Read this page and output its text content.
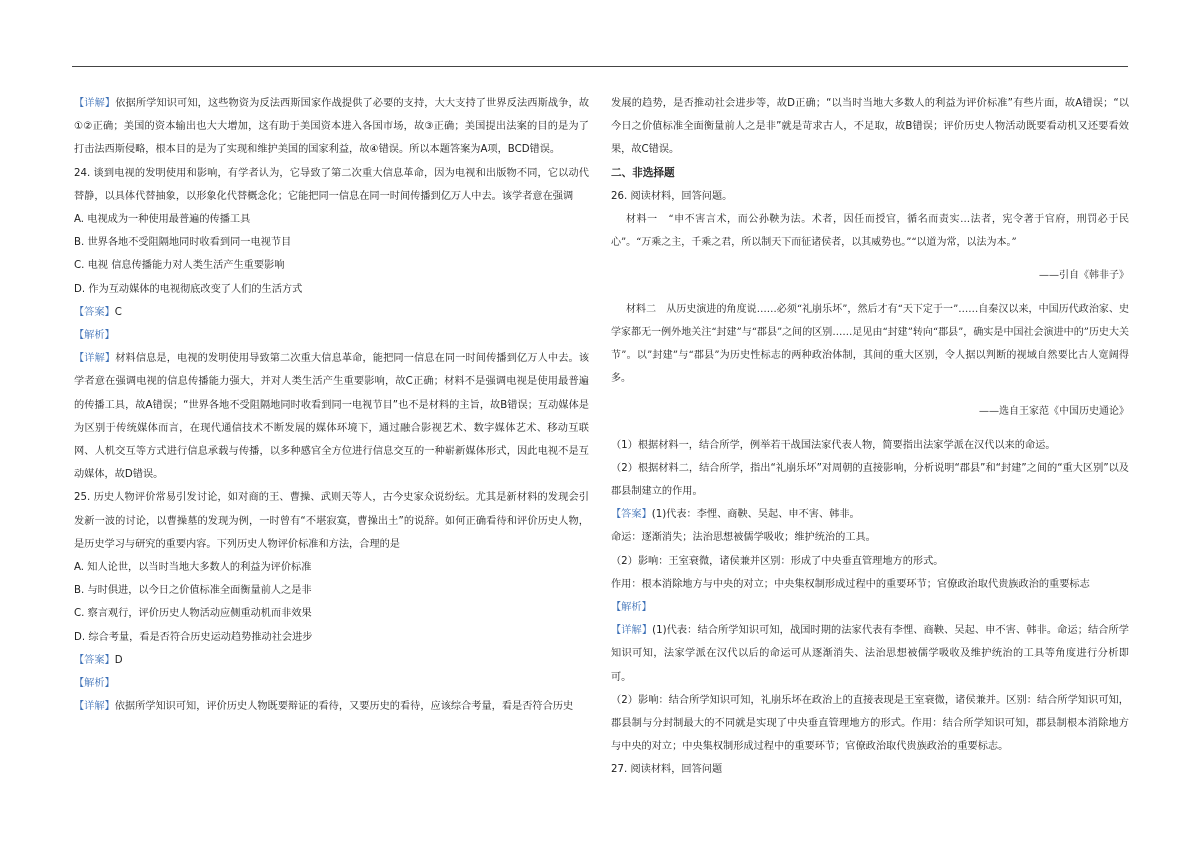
【详解】依据所学知识可知，这些物资为反法西斯国家作战提供了必要的支持，大大支持了世界反法西斯战争，故①②正确；美国的资本输出也大大增加，这有助于美国资本进入各国市场，故③正确；美国提出法案的目的是为了打击法西斯侵略，根本目的是为了实现和维护美国的国家利益，故④错误。所以本题答案为A项，BCD错误。

24. 谈到电视的发明使用和影响，有学者认为，它导致了第二次重大信息革命，因为电视和出版物不同，它以动代替静，以具体代替抽象，以形象化代替概念化；它能把同一信息在同一时间传播到亿万人中去。该学者意在强调

A. 电视成为一种使用最普遍的传播工具

B. 世界各地不受阻隔地同时收看到同一电视节目

C. 电视 信息传播能力对人类生活产生重要影响

D. 作为互动媒体的电视彻底改变了人们的生活方式

【答案】C

【解析】

【详解】材料信息是，电视的发明使用导致第二次重大信息革命，能把同一信息在同一时间传播到亿万人中去。该学者意在强调电视的信息传播能力强大，并对人类生活产生重要影响，故C正确；材料不是强调电视是使用最普遍的传播工具，故A错误；“世界各地不受阻隔地同时收看到同一电视节目”也不是材料的主旨，故B错误；互动媒体是为区别于传统媒体而言，在现代通信技术不断发展的媒体环境下，通过融合影视艺术、数字媒体艺术、移动互联网、人机交互等方式进行信息承载与传播，以多种感官全方位进行信息交互的一种崭新媒体形式，因此电视不是互动媒体，故D错误。

25. 历史人物评价常易引发讨论，如对商的王、曹操、武则天等人，古今史家众说纷纭。尤其是新材料的发现会引发新一波的讨论，以曹操墓的发现为例，一时曾有“不堪寂寞，曹操出土”的说辞。如何正确看待和评价历史人物，是历史学习与研究的重要内容。下列历史人物评价标准和方法，合理的是

A. 知人论世，以当时当地大多数人的利益为评价标准

B. 与时俱进，以今日之价值标准全面衡量前人之是非

C. 察言观行，评价历史人物活动应侧重动机而非效果

D. 综合考量，看是否符合历史运动趋势推动社会进步

【答案】D

【解析】

【详解】依据所学知识可知，评价历史人物既要辩证的看待，又要历史的看待，应该综合考量，看是否符合历史

发展的趋势，是否推动社会进步等，故D正确；“以当时当地大多数人的利益为评价标准”有些片面，故A错误；“以今日之价值标准全面衡量前人之是非”就是苛求古人，不足取，故B错误；评价历史人物活动既要看动机又还要看效果，故C错误。

二、非选择题

26. 阅读材料，回答问题。

材料一　“申不害言术，而公孙鞅为法。术者，因任而授官，循名而责实…法者，宪令著于官府，刑罚必于民心”。“万乘之主，千乘之君，所以制天下而征诸侯者，以其威势也。”“以道为常，以法为本。”

——引自《韩非子》

材料二　从历史演进的角度说……必须“礼崩乐坏”，然后才有“天下定于一”……自秦汉以来，中国历代政治家、史学家都无一例外地关注“封建”与“郡县”之间的区别……足见由“封建”转向“郡县”，确实是中国社会演进中的”历史大关节”。以”封建”与“郡县”为历史性标志的两种政治体制，其间的重大区别，令人据以判断的视域自然要比古人宽阔得多。

——选自王家范《中国历史通论》

（1）根据材料一，结合所学，例举若干战国法家代表人物，简要指出法家学派在汉代以来的命运。

（2）根据材料二，结合所学，指出“礼崩乐坏”对周朝的直接影响，分析说明“郡县”和“封建”之间的“重大区别”以及郡县制建立的作用。

【答案】(1)代表：李悝、商鞅、吴起、申不害、韩非。

命运：逐渐消失；法治思想被儒学吸收；维护统治的工具。

（2）影响：王室衰微，诸侯兼并区别：形成了中央垂直管理地方的形式。

作用：根本消除地方与中央的对立；中央集权制形成过程中的重要环节；官僚政治取代贵族政治的重要标志

【解析】

【详解】(1)代表：结合所学知识可知，战国时期的法家代表有李悝、商鞅、吴起、申不害、韩非。命运；结合所学知识可知，法家学派在汉代以后的命运可从逐渐消失、法治思想被儒学吸收及维护统治的工具等角度进行分析即可。

（2）影响：结合所学知识可知，礼崩乐坏在政治上的直接表现是王室衰微，诸侯兼并。区别：结合所学知识可知，郡县制与分封制最大的不同就是实现了中央垂直管理地方的形式。作用：结合所学知识可知，郡县制根本消除地方与中央的对立；中央集权制形成过程中的重要环节；官僚政治取代贵族政治的重要标志。

27. 阅读材料，回答问题
